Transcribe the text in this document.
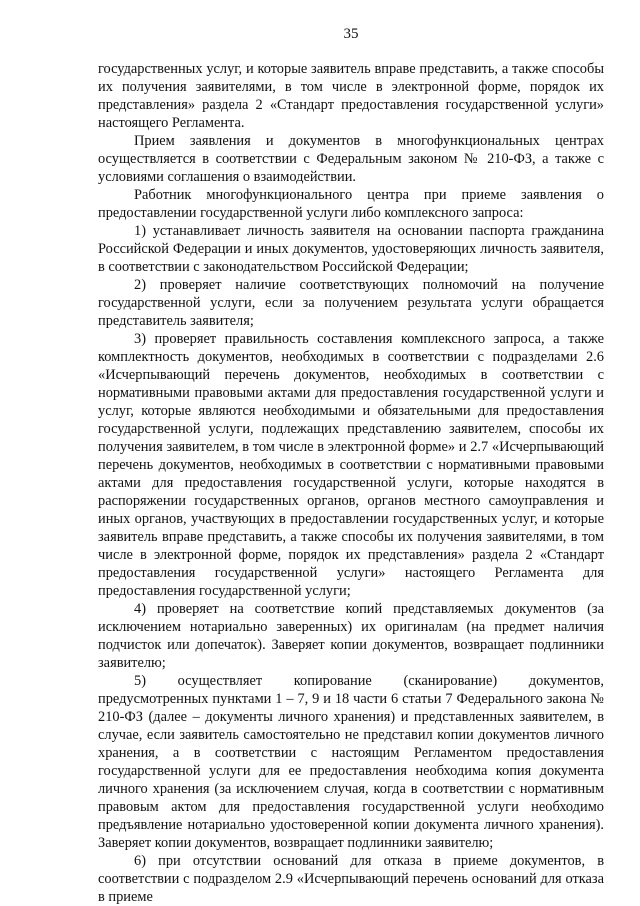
35

государственных услуг, и которые заявитель вправе представить, а также способы их получения заявителями, в том числе в электронной форме, порядок их представления» раздела 2 «Стандарт предоставления государственной услуги» настоящего Регламента.

Прием заявления и документов в многофункциональных центрах осуществляется в соответствии с Федеральным законом № 210-ФЗ, а также с условиями соглашения о взаимодействии.

Работник многофункционального центра при приеме заявления о предоставлении государственной услуги либо комплексного запроса:

1) устанавливает личность заявителя на основании паспорта гражданина Российской Федерации и иных документов, удостоверяющих личность заявителя, в соответствии с законодательством Российской Федерации;

2) проверяет наличие соответствующих полномочий на получение государственной услуги, если за получением результата услуги обращается представитель заявителя;

3) проверяет правильность составления комплексного запроса, а также комплектность документов, необходимых в соответствии с подразделами 2.6 «Исчерпывающий перечень документов, необходимых в соответствии с нормативными правовыми актами для предоставления государственной услуги и услуг, которые являются необходимыми и обязательными для предоставления государственной услуги, подлежащих представлению заявителем, способы их получения заявителем, в том числе в электронной форме» и 2.7 «Исчерпывающий перечень документов, необходимых в соответствии с нормативными правовыми актами для предоставления государственной услуги, которые находятся в распоряжении государственных органов, органов местного самоуправления и иных органов, участвующих в предоставлении государственных услуг, и которые заявитель вправе представить, а также способы их получения заявителями, в том числе в электронной форме, порядок их представления» раздела 2 «Стандарт предоставления государственной услуги» настоящего Регламента для предоставления государственной услуги;

4) проверяет на соответствие копий представляемых документов (за исключением нотариально заверенных) их оригиналам (на предмет наличия подчисток или допечаток). Заверяет копии документов, возвращает подлинники заявителю;

5) осуществляет копирование (сканирование) документов, предусмотренных пунктами 1 – 7, 9 и 18 части 6 статьи 7 Федерального закона № 210-ФЗ (далее – документы личного хранения) и представленных заявителем, в случае, если заявитель самостоятельно не представил копии документов личного хранения, а в соответствии с настоящим Регламентом предоставления государственной услуги для ее предоставления необходима копия документа личного хранения (за исключением случая, когда в соответствии с нормативным правовым актом для предоставления государственной услуги необходимо предъявление нотариально удостоверенной копии документа личного хранения). Заверяет копии документов, возвращает подлинники заявителю;

6) при отсутствии оснований для отказа в приеме документов, в соответствии с подразделом 2.9 «Исчерпывающий перечень оснований для отказа в приеме
